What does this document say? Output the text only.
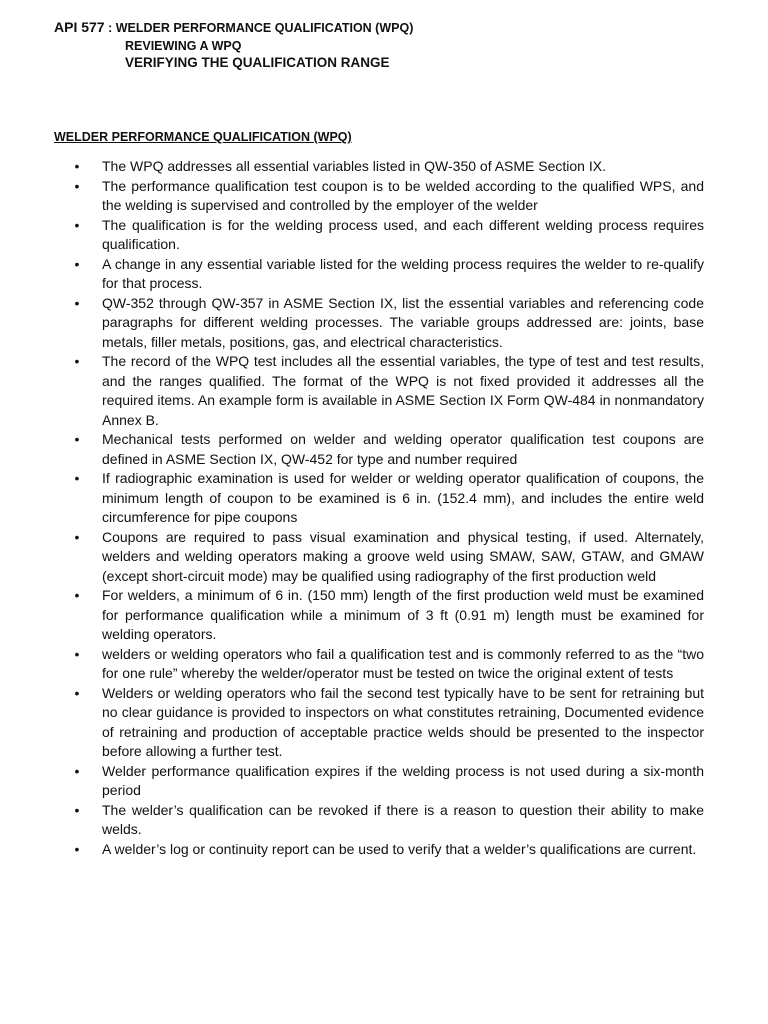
API 577 : WELDER PERFORMANCE QUALIFICATION (WPQ)
REVIEWING A WPQ
VERIFYING THE QUALIFICATION RANGE
WELDER PERFORMANCE QUALIFICATION (WPQ)
• The WPQ addresses all essential variables listed in QW-350 of ASME Section IX.
• The performance qualification test coupon is to be welded according to the qualified WPS, and the welding is supervised and controlled by the employer of the welder
• The qualification is for the welding process used, and each different welding process requires qualification.
• A change in any essential variable listed for the welding process requires the welder to re-qualify for that process.
• QW-352 through QW-357 in ASME Section IX, list the essential variables and referencing code paragraphs for different welding processes. The variable groups addressed are: joints, base metals, filler metals, positions, gas, and electrical characteristics.
• The record of the WPQ test includes all the essential variables, the type of test and test results, and the ranges qualified. The format of the WPQ is not fixed provided it addresses all the required items. An example form is available in ASME Section IX Form QW-484 in nonmandatory Annex B.
• Mechanical tests performed on welder and welding operator qualification test coupons are defined in ASME Section IX, QW-452 for type and number required
• If radiographic examination is used for welder or welding operator qualification of coupons, the minimum length of coupon to be examined is 6 in. (152.4 mm), and includes the entire weld circumference for pipe coupons
• Coupons are required to pass visual examination and physical testing, if used. Alternately, welders and welding operators making a groove weld using SMAW, SAW, GTAW, and GMAW (except short-circuit mode) may be qualified using radiography of the first production weld
• For welders, a minimum of 6 in. (150 mm) length of the first production weld must be examined for performance qualification while a minimum of 3 ft (0.91 m) length must be examined for welding operators.
• welders or welding operators who fail a qualification test and is commonly referred to as the “two for one rule” whereby the welder/operator must be tested on twice the original extent of tests
• Welders or welding operators who fail the second test typically have to be sent for retraining but no clear guidance is provided to inspectors on what constitutes retraining, Documented evidence of retraining and production of acceptable practice welds should be presented to the inspector before allowing a further test.
• Welder performance qualification expires if the welding process is not used during a six-month period
• The welder’s qualification can be revoked if there is a reason to question their ability to make welds.
• A welder’s log or continuity report can be used to verify that a welder’s qualifications are current.
